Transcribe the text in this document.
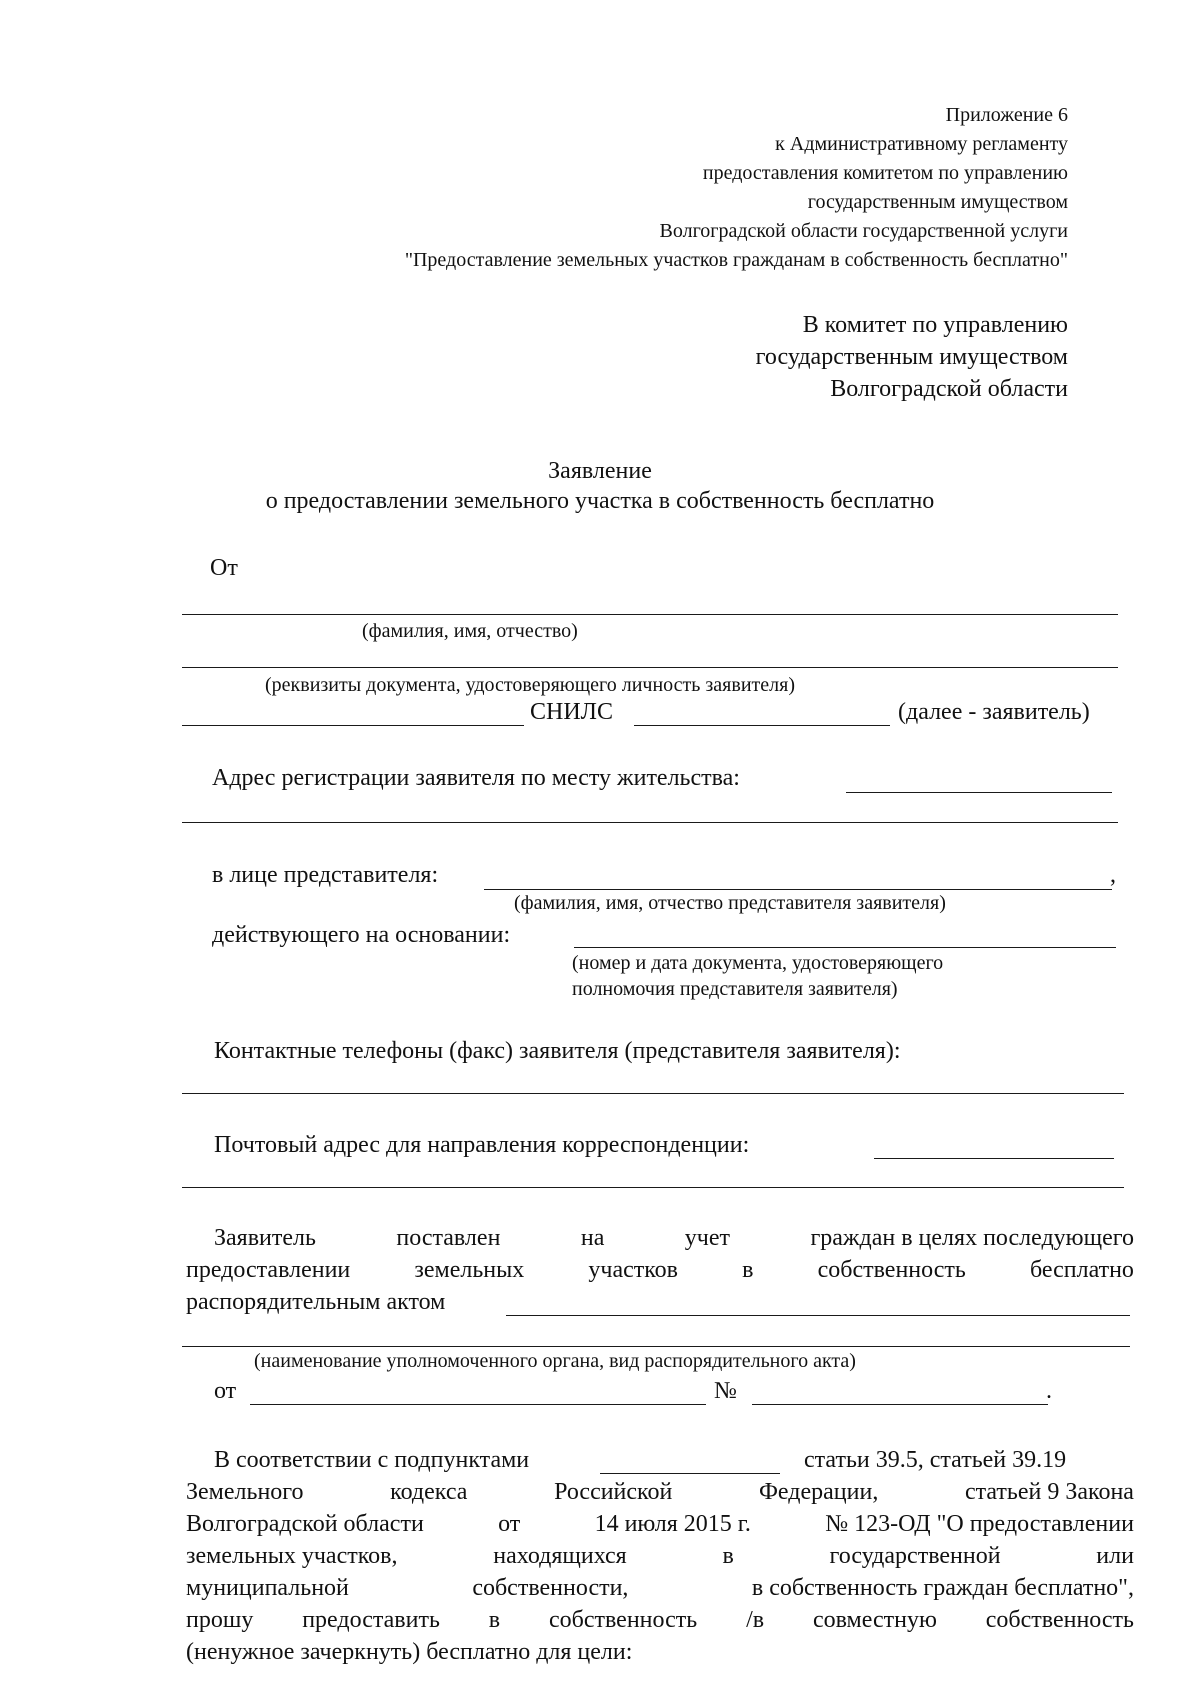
Приложение 6
к Административному регламенту
предоставления комитетом по управлению
государственным имуществом
Волгоградской области государственной услуги
"Предоставление земельных участков гражданам в собственность бесплатно"
В комитет по управлению
государственным имуществом
Волгоградской области
Заявление
о предоставлении земельного участка в собственность бесплатно
От
(фамилия, имя, отчество)
(реквизиты документа, удостоверяющего личность заявителя)
СНИЛС	(далее - заявитель)
Адрес регистрации заявителя по месту жительства:
в лице представителя:	,
(фамилия, имя, отчество представителя заявителя)
действующего на основании:
(номер и дата документа, удостоверяющего
полномочия представителя заявителя)
Контактные телефоны (факс) заявителя (представителя заявителя):
Почтовый адрес для направления корреспонденции:
Заявитель	поставлен	на	учет	граждан в целях последующего
предоставлении	земельных	участков	в	собственность	бесплатно
распорядительным актом
(наименование уполномоченного органа, вид распорядительного акта)
от	№	.
В соответствии с подпунктами	статьи 39.5, статьей 39.19
Земельного	кодекса	Российской	Федерации,	статьей 9 Закона
Волгоградской области	от	14 июля 2015 г.	№ 123-ОД "О предоставлении
земельных участков,	находящихся	в	государственной	или
муниципальной	собственности,	в собственность граждан бесплатно",
прошу предоставить в собственность /в совместную собственность
(ненужное зачеркнуть) бесплатно для цели:
